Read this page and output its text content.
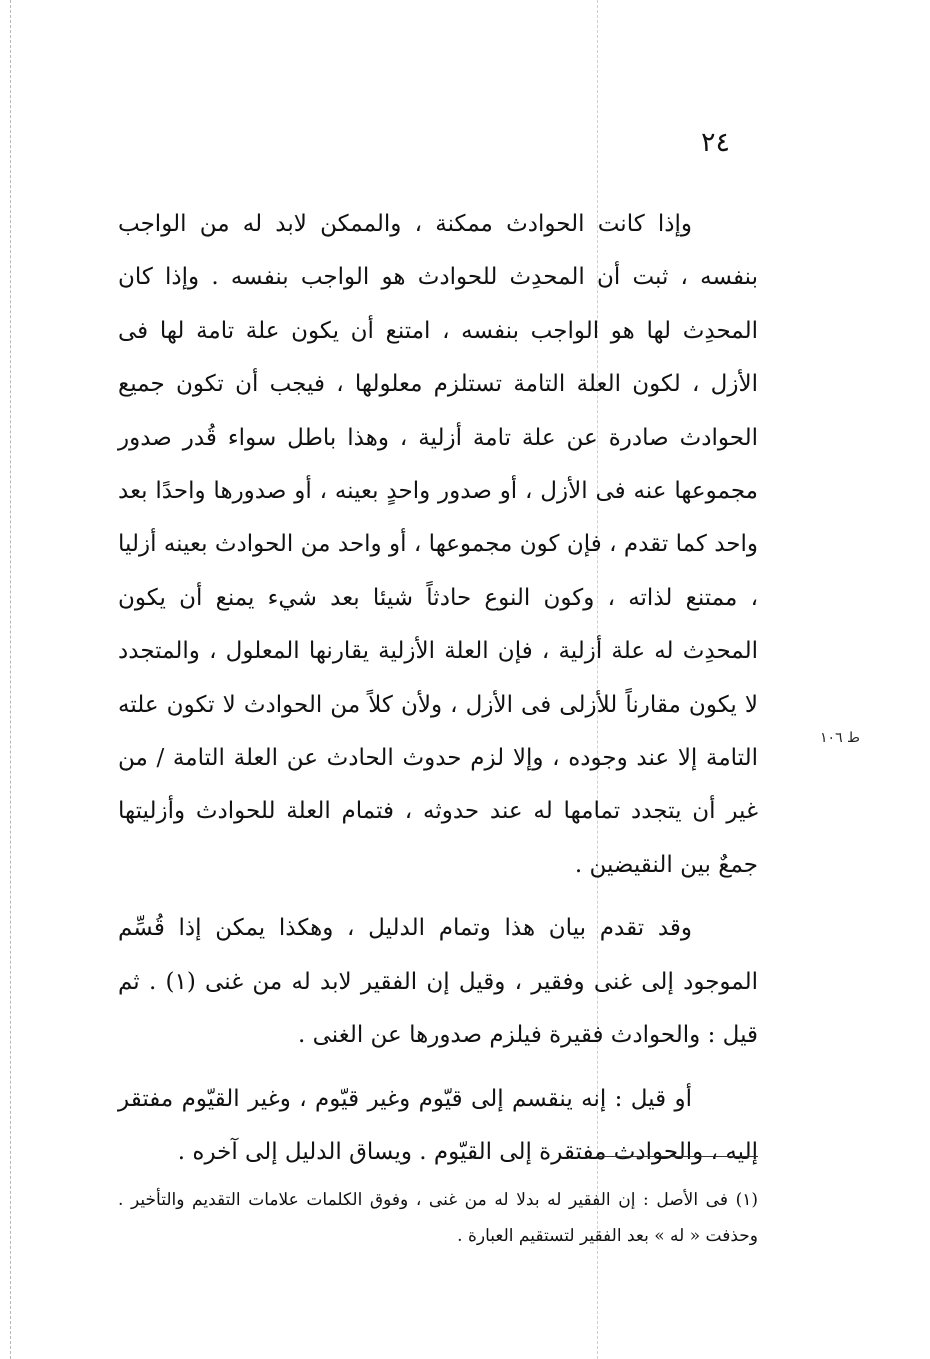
٢٤
ط ١٠٦

وإذا كانت الحوادث ممكنة ، والممكن لابد له من الواجب بنفسه ، ثبت أن المحدِث للحوادث هو الواجب بنفسه . وإذا كان المحدِث لها هو الواجب بنفسه ، امتنع أن يكون علة تامة لها فى الأزل ، لكون العلة التامة تستلزم معلولها ، فيجب أن تكون جميع الحوادث صادرة عن علة تامة أزلية ، وهذا باطل سواء قُدر صدور مجموعها عنه فى الأزل ، أو صدور واحدٍ بعينه ، أو صدورها واحدًا بعد واحد كما تقدم ، فإن كون مجموعها ، أو واحد من الحوادث بعينه أزليا ، ممتنع لذاته ، وكون النوع حادثاً شيئا بعد شيء يمنع أن يكون المحدِث له علة أزلية ، فإن العلة الأزلية يقارنها المعلول ، والمتجدد لا يكون مقارناً للأزلى فى الأزل ، ولأن كلاً من الحوادث لا تكون علته التامة إلا عند وجوده ، وإلا لزم حدوث الحادث عن العلة التامة / من غير أن يتجدد تمامها له عند حدوثه ، فتمام العلة للحوادث وأزليتها جمعٌ بين النقيضين .

وقد تقدم بيان هذا وتمام الدليل ، وهكذا يمكن إذا قُسِّم الموجود إلى غنى وفقير ، وقيل إن الفقير لابد له من غنى (١) . ثم قيل : والحوادث فقيرة فيلزم صدورها عن الغنى .

أو قيل : إنه ينقسم إلى قيّوم وغير قيّوم ، وغير القيّوم مفتقر إليه ، والحوادث مفتقرة إلى القيّوم . ويساق الدليل إلى آخره .

(١) فى الأصل : إن الفقير له بدلا له من غنى ، وفوق الكلمات علامات التقديم والتأخير . وحذفت « له » بعد الفقير لتستقيم العبارة .
